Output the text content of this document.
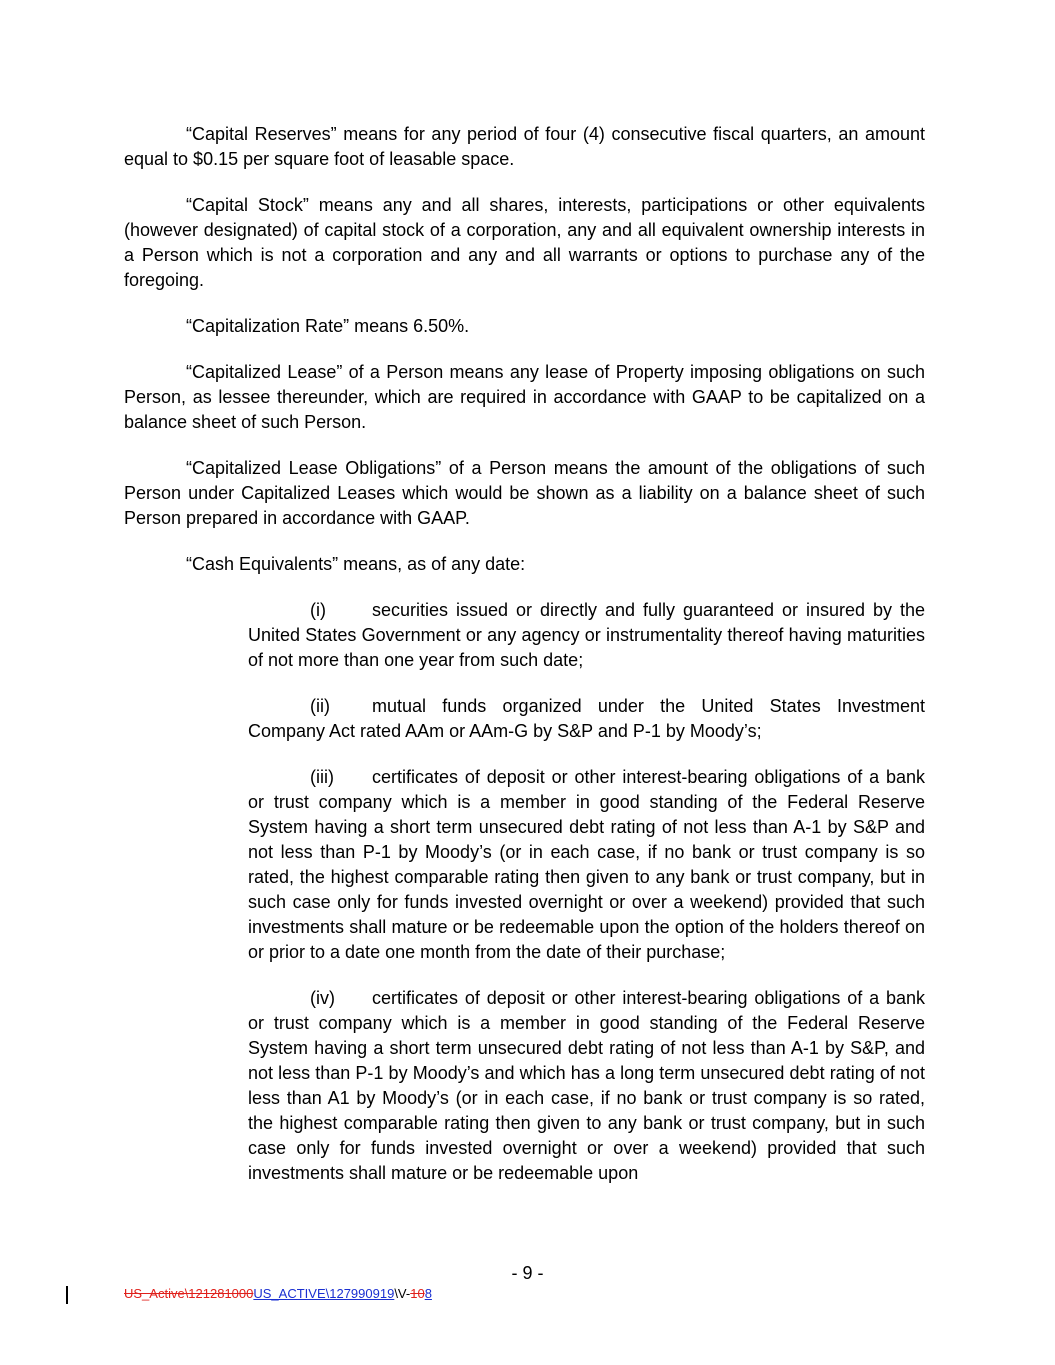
“Capital Reserves” means for any period of four (4) consecutive fiscal quarters, an amount equal to $0.15 per square foot of leasable space.

“Capital Stock” means any and all shares, interests, participations or other equivalents (however designated) of capital stock of a corporation, any and all equivalent ownership interests in a Person which is not a corporation and any and all warrants or options to purchase any of the foregoing.

“Capitalization Rate” means 6.50%.

“Capitalized Lease” of a Person means any lease of Property imposing obligations on such Person, as lessee thereunder, which are required in accordance with GAAP to be capitalized on a balance sheet of such Person.

“Capitalized Lease Obligations” of a Person means the amount of the obligations of such Person under Capitalized Leases which would be shown as a liability on a balance sheet of such Person prepared in accordance with GAAP.

“Cash Equivalents” means, as of any date:

(i)	securities issued or directly and fully guaranteed or insured by the United States Government or any agency or instrumentality thereof having maturities of not more than one year from such date;

(ii) mutual funds organized under the United States Investment Company Act rated AAm or AAm-G by S&P and P-1 by Moody’s;

(iii) certificates of deposit or other interest-bearing obligations of a bank or trust company which is a member in good standing of the Federal Reserve System having a short term unsecured debt rating of not less than A-1 by S&P and not less than P-1 by Moody’s (or in each case, if no bank or trust company is so rated, the highest comparable rating then given to any bank or trust company, but in such case only for funds invested overnight or over a weekend) provided that such investments shall mature or be redeemable upon the option of the holders thereof on or prior to a date one month from the date of their purchase;

(iv) certificates of deposit or other interest-bearing obligations of a bank or trust company which is a member in good standing of the Federal Reserve System having a short term unsecured debt rating of not less than A-1 by S&P, and not less than P-1 by Moody’s and which has a long term unsecured debt rating of not less than A1 by Moody’s (or in each case, if no bank or trust company is so rated, the highest comparable rating then given to any bank or trust company, but in such case only for funds invested overnight or over a weekend) provided that such investments shall mature or be redeemable upon

- 9 -
US_Active\121281000US_ACTIVE\127990919\V-108
